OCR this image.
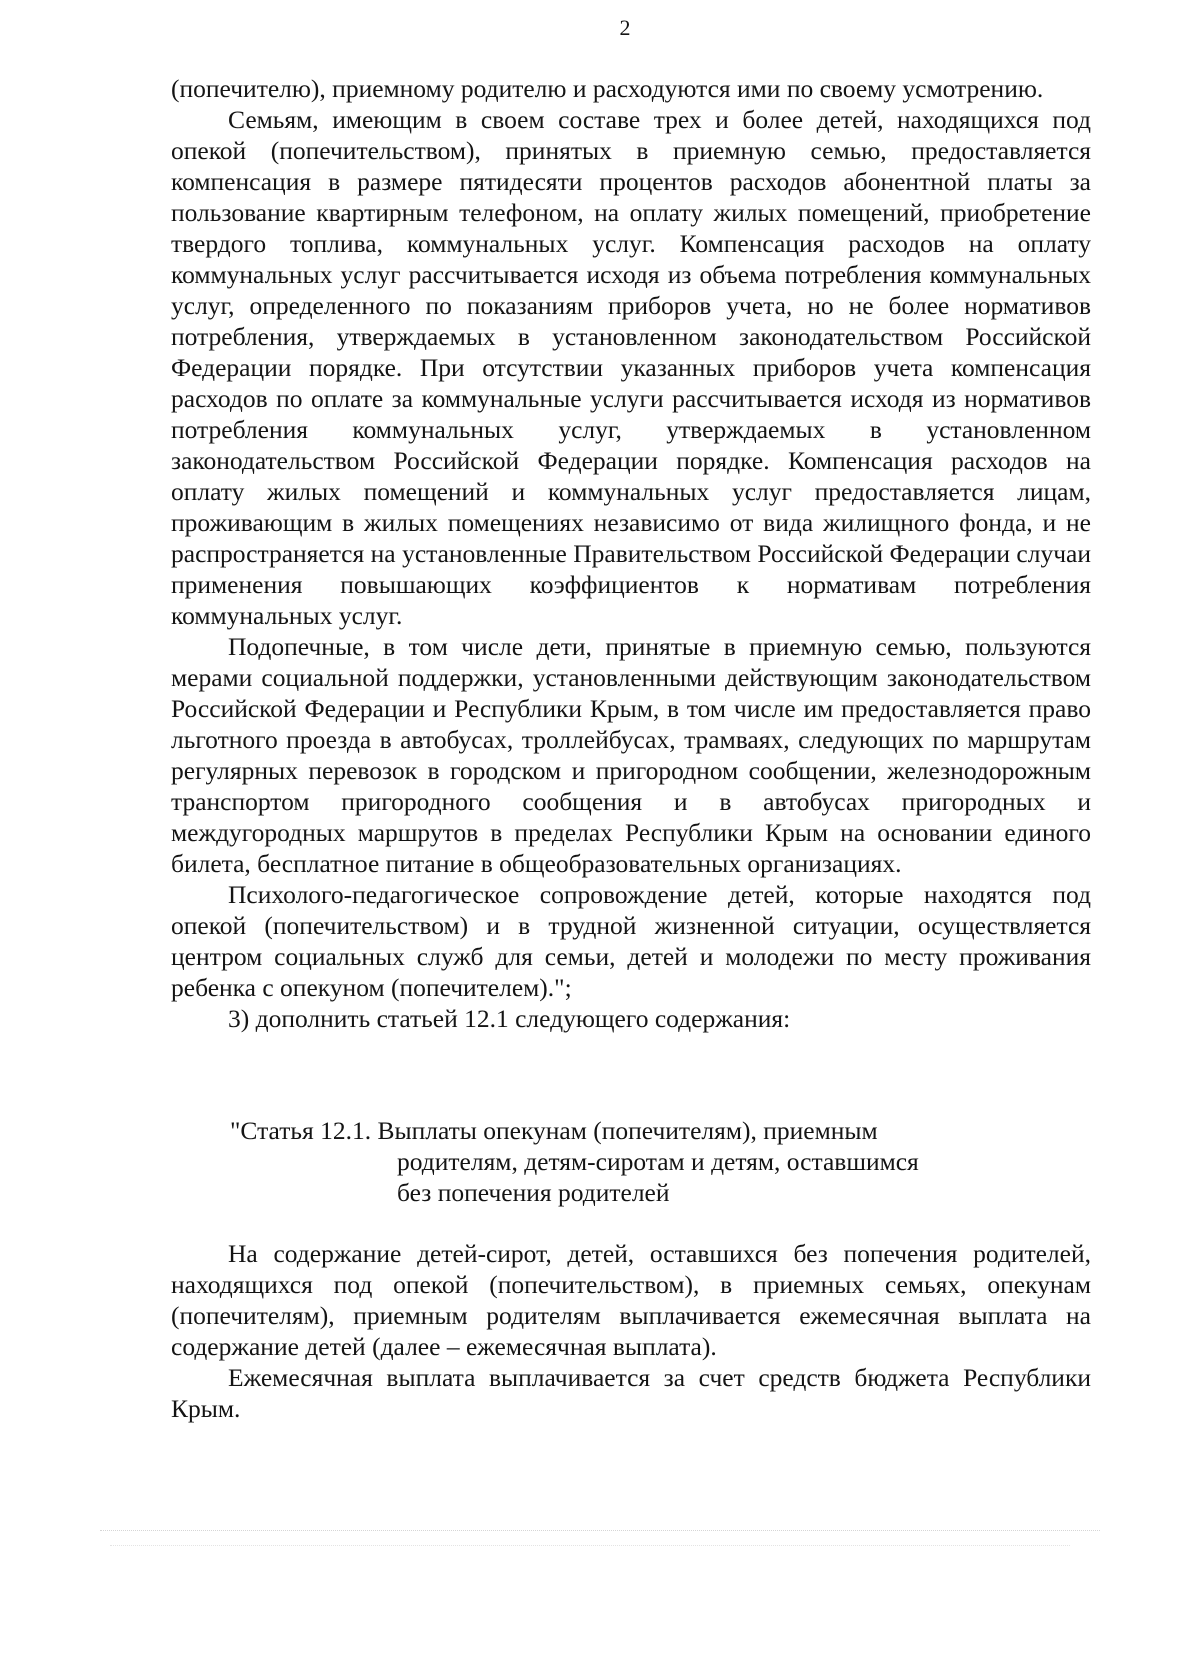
2

(попечителю), приемному родителю и расходуются ими по своему усмотрению.

Семьям, имеющим в своем составе трех и более детей, находящихся под опекой (попечительством), принятых в приемную семью, предоставляется компенсация в размере пятидесяти процентов расходов абонентной платы за пользование квартирным телефоном, на оплату жилых помещений, приобретение твердого топлива, коммунальных услуг. Компенсация расходов на оплату коммунальных услуг рассчитывается исходя из объема потребления коммунальных услуг, определенного по показаниям приборов учета, но не более нормативов потребления, утверждаемых в установленном законодательством Российской Федерации порядке. При отсутствии указанных приборов учета компенсация расходов по оплате за коммунальные услуги рассчитывается исходя из нормативов потребления коммунальных услуг, утверждаемых в установленном законодательством Российской Федерации порядке. Компенсация расходов на оплату жилых помещений и коммунальных услуг предоставляется лицам, проживающим в жилых помещениях независимо от вида жилищного фонда, и не распространяется на установленные Правительством Российской Федерации случаи применения повышающих коэффициентов к нормативам потребления коммунальных услуг.

Подопечные, в том числе дети, принятые в приемную семью, пользуются мерами социальной поддержки, установленными действующим законодательством Российской Федерации и Республики Крым, в том числе им предоставляется право льготного проезда в автобусах, троллейбусах, трамваях, следующих по маршрутам регулярных перевозок в городском и пригородном сообщении, железнодорожным транспортом пригородного сообщения и в автобусах пригородных и междугородных маршрутов в пределах Республики Крым на основании единого билета, бесплатное питание в общеобразовательных организациях.

Психолого-педагогическое сопровождение детей, которые находятся под опекой (попечительством) и в трудной жизненной ситуации, осуществляется центром социальных служб для семьи, детей и молодежи по месту проживания ребенка с опекуном (попечителем).";

3) дополнить статьей 12.1 следующего содержания:

"Статья 12.1. Выплаты опекунам (попечителям), приемным
родителям, детям-сиротам и детям, оставшимся
без попечения родителей

На содержание детей-сирот, детей, оставшихся без попечения родителей, находящихся под опекой (попечительством), в приемных семьях, опекунам (попечителям), приемным родителям выплачивается ежемесячная выплата на содержание детей (далее – ежемесячная выплата).

Ежемесячная выплата выплачивается за счет средств бюджета Республики Крым.
